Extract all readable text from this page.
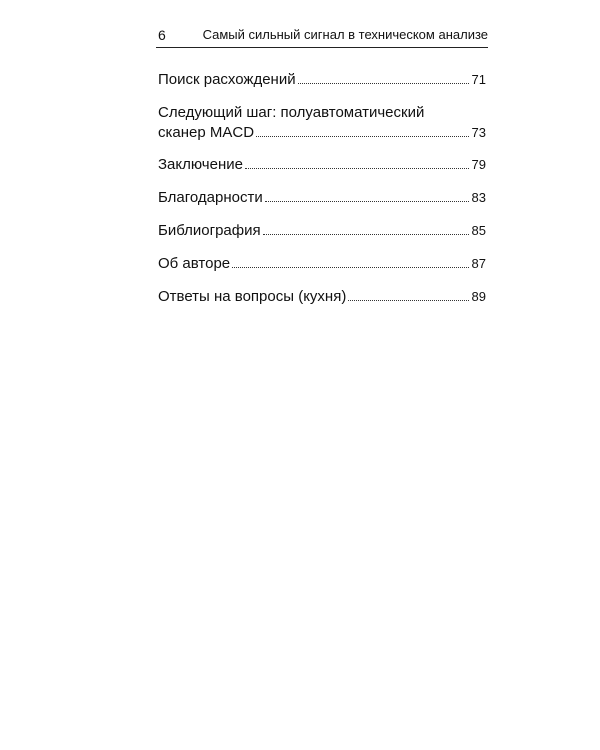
6	Самый сильный сигнал в техническом анализе
Поиск расхождений	71
Следующий шаг: полуавтоматический
сканер MACD	73
Заключение	79
Благодарности	83
Библиография	85
Об авторе	87
Ответы на вопросы (кухня)	89
